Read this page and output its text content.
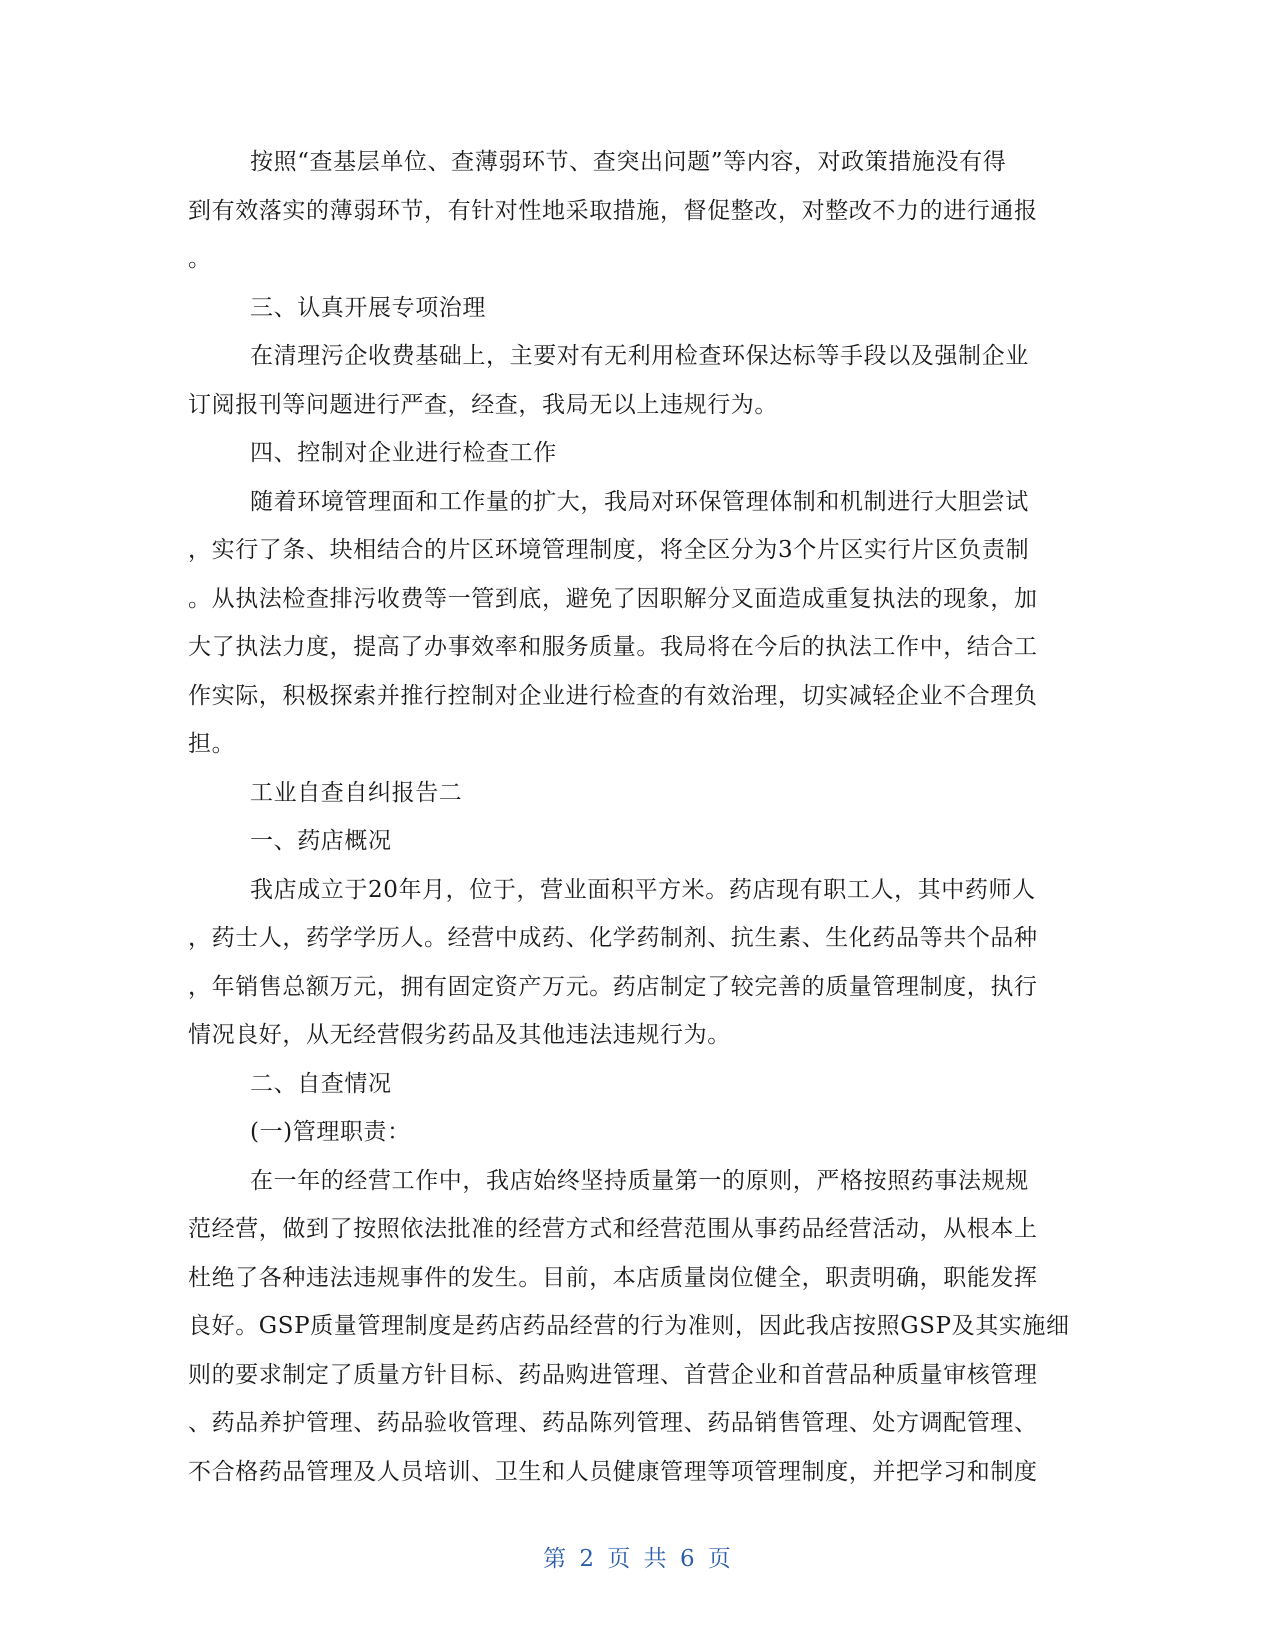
按照“查基层单位、查薄弱环节、查突出问题”等内容，对政策措施没有得
到有效落实的薄弱环节，有针对性地采取措施，督促整改，对整改不力的进行通报
。
三、认真开展专项治理
在清理污企收费基础上，主要对有无利用检查环保达标等手段以及强制企业
订阅报刊等问题进行严查，经查，我局无以上违规行为。
四、控制对企业进行检查工作
随着环境管理面和工作量的扩大，我局对环保管理体制和机制进行大胆尝试
，实行了条、块相结合的片区环境管理制度，将全区分为3个片区实行片区负责制
。从执法检查排污收费等一管到底，避免了因职解分叉面造成重复执法的现象，加
大了执法力度，提高了办事效率和服务质量。我局将在今后的执法工作中，结合工
作实际，积极探索并推行控制对企业进行检查的有效治理，切实减轻企业不合理负
担。
工业自查自纠报告二
一、药店概况
我店成立于20年月，位于，营业面积平方米。药店现有职工人，其中药师人
，药士人，药学学历人。经营中成药、化学药制剂、抗生素、生化药品等共个品种
，年销售总额万元，拥有固定资产万元。药店制定了较完善的质量管理制度，执行
情况良好，从无经营假劣药品及其他违法违规行为。
二、自查情况
(一)管理职责：
在一年的经营工作中，我店始终坚持质量第一的原则，严格按照药事法规规
范经营，做到了按照依法批准的经营方式和经营范围从事药品经营活动，从根本上
杜绝了各种违法违规事件的发生。目前，本店质量岗位健全，职责明确，职能发挥
良好。GSP质量管理制度是药店药品经营的行为准则，因此我店按照GSP及其实施细
则的要求制定了质量方针目标、药品购进管理、首营企业和首营品种质量审核管理
、药品养护管理、药品验收管理、药品陈列管理、药品销售管理、处方调配管理、
不合格药品管理及人员培训、卫生和人员健康管理等项管理制度，并把学习和制度
第 2 页 共 6 页
